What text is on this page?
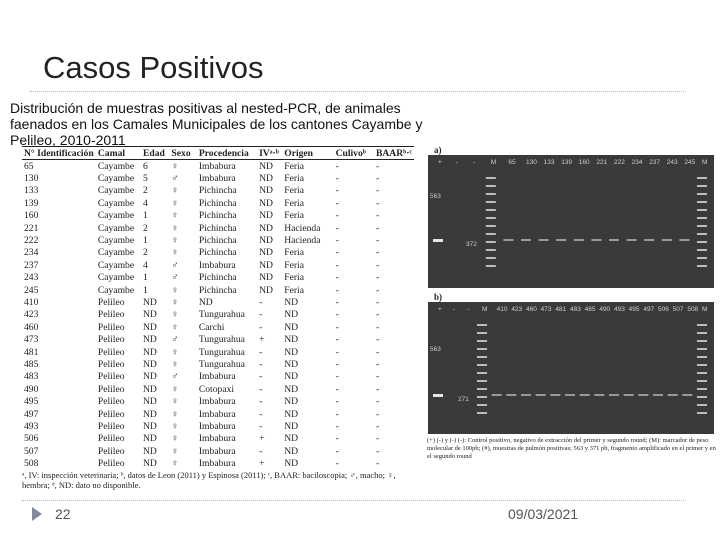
Casos Positivos
Distribución de muestras positivas al nested-PCR, de animales faenados en los Camales Municipales de los cantones Cayambe y Pelileo, 2010-2011
N° Identificación	Camal	Edad	Sexo	Procedencia	IVᵃ·ᵇ	Origen	Culivoᵇ	BAARᵇ·ᶜ
65	Cayambe	6	♀	Imbabura	ND	Feria	-	-
130	Cayambe	5	♂	Imbabura	ND	Feria	-	-
133	Cayambe	2	♀	Pichincha	ND	Feria	-	-
139	Cayambe	4	♀	Pichincha	ND	Feria	-	-
160	Cayambe	1	♀	Pichincha	ND	Feria	-	-
221	Cayambe	2	♀	Pichincha	ND	Hacienda	-	-
222	Cayambe	1	♀	Pichincha	ND	Hacienda	-	-
234	Cayambe	2	♀	Pichincha	ND	Feria	-	-
237	Cayambe	4	♂	Imbabura	ND	Feria	-	-
243	Cayambe	1	♂	Pichincha	ND	Feria	-	-
245	Cayambe	1	♀	Pichincha	ND	Feria	-	-
410	Pelileo	ND	♀	ND	-	ND	-	-
423	Pelileo	ND	♀	Tungurahua	-	ND	-	-
460	Pelileo	ND	♀	Carchi	-	ND	-	-
473	Pelileo	ND	♂	Tungurahua	+	ND	-	-
481	Pelileo	ND	♀	Tungurahua	-	ND	-	-
485	Pelileo	ND	♀	Tungurahua	-	ND	-	-
483	Pelileo	ND	♂	Imbabura	-	ND	-	-
490	Pelileo	ND	♀	Cotopaxi	-	ND	-	-
495	Pelileo	ND	♀	Imbabura	-	ND	-	-
497	Pelileo	ND	♀	Imbabura	-	ND	-	-
493	Pelileo	ND	♀	Imbabura	-	ND	-	-
506	Pelileo	ND	♀	Imbabura	+	ND	-	-
507	Pelileo	ND	♀	Imbabura	-	ND	-	-
508	Pelileo	ND	♀	Imbabura	+	ND	-	-
ᵃ, IV: inspección veterinaria; ᵇ, datos de Leon (2011) y Espinosa (2011); ᶜ, BAAR: baciloscopia; ♂, macho; ♀, hembra; ᵈ, ND: dato no disponible.
a)
+ - - M 65 130 133 139 160 221 222 234 237 243 245 M
563
372
b)
+ - - M 410 423 460 473 481 483 485 490 493 495 497 506 507 508 M
563
271
(+) (-) y (-) (-): Control positivo, negativo de extracción del primer y segundo round; (M): marcador de peso molecular de 100pb; (#), muestras de pulmón positivas; 563 y 371 pb, fragmento amplificado en el primer y en el segundo round
22	09/03/2021
